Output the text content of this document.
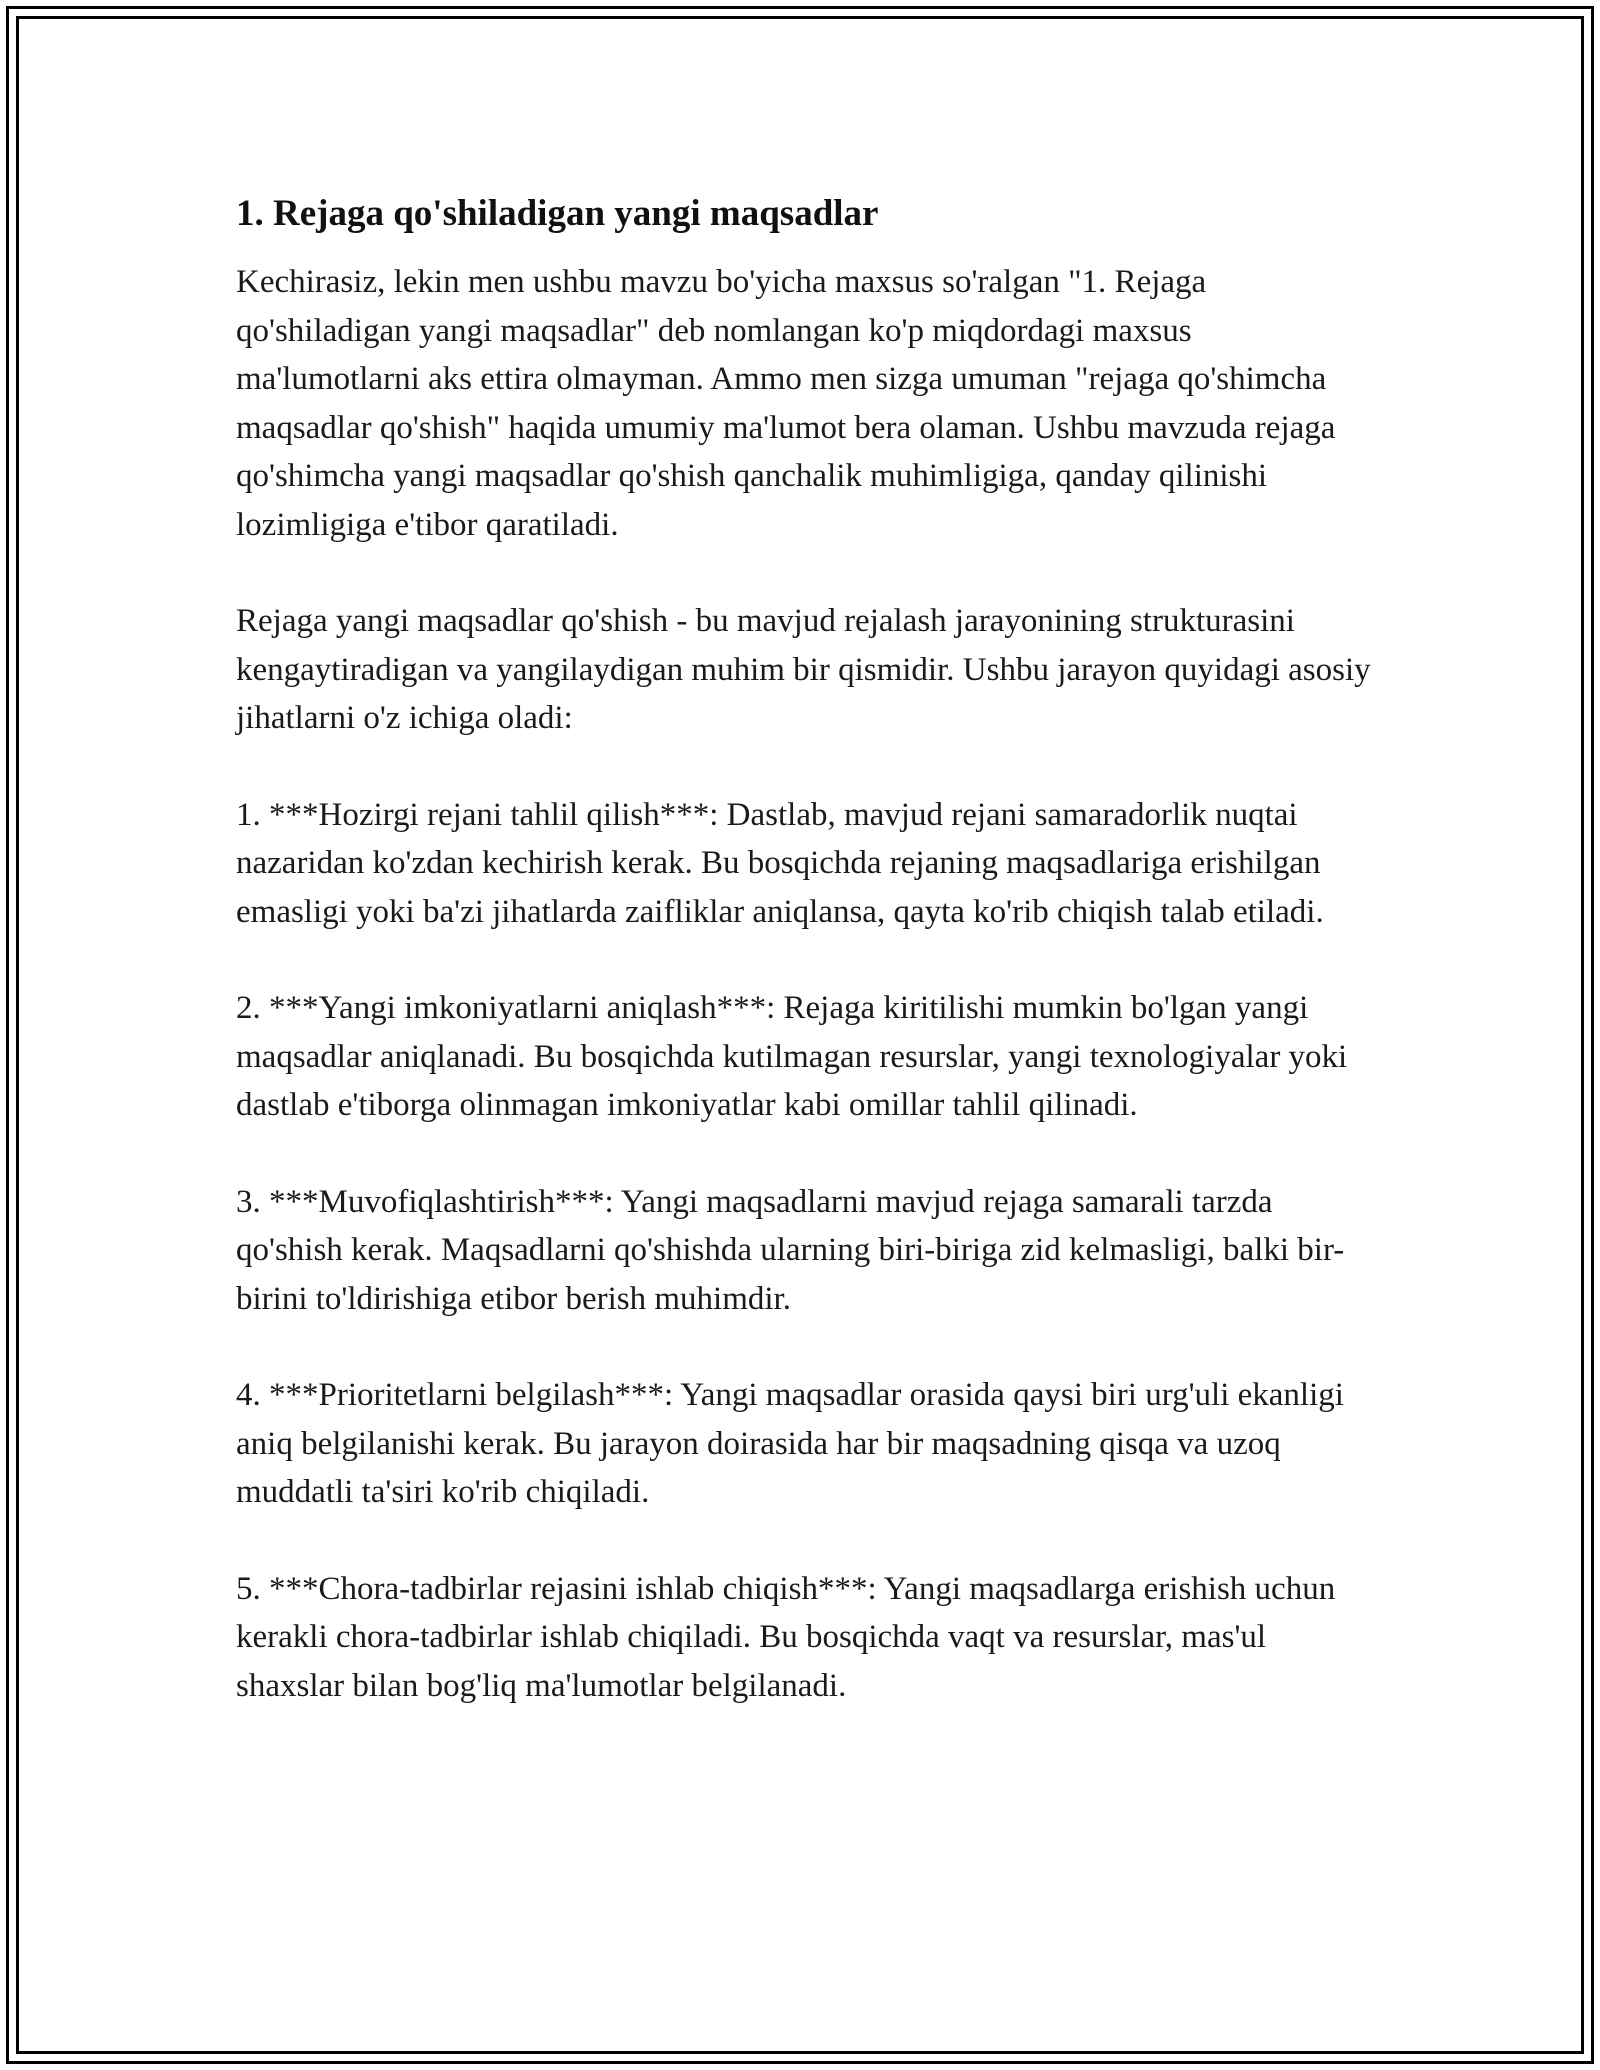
1. Rejaga qo'shiladigan yangi maqsadlar

Kechirasiz, lekin men ushbu mavzu bo'yicha maxsus so'ralgan "1. Rejaga qo'shiladigan yangi maqsadlar" deb nomlangan ko'p miqdordagi maxsus ma'lumotlarni aks ettira olmayman. Ammo men sizga umuman "rejaga qo'shimcha maqsadlar qo'shish" haqida umumiy ma'lumot bera olaman. Ushbu mavzuda rejaga qo'shimcha yangi maqsadlar qo'shish qanchalik muhimligiga, qanday qilinishi lozimligiga e'tibor qaratiladi.

Rejaga yangi maqsadlar qo'shish - bu mavjud rejalash jarayonining strukturasini kengaytiradigan va yangilaydigan muhim bir qismidir. Ushbu jarayon quyidagi asosiy jihatlarni o'z ichiga oladi:

1. ***Hozirgi rejani tahlil qilish***: Dastlab, mavjud rejani samaradorlik nuqtai nazaridan ko'zdan kechirish kerak. Bu bosqichda rejaning maqsadlariga erishilgan emasligi yoki ba'zi jihatlarda zaifliklar aniqlansa, qayta ko'rib chiqish talab etiladi.

2. ***Yangi imkoniyatlarni aniqlash***: Rejaga kiritilishi mumkin bo'lgan yangi maqsadlar aniqlanadi. Bu bosqichda kutilmagan resurslar, yangi texnologiyalar yoki dastlab e'tiborga olinmagan imkoniyatlar kabi omillar tahlil qilinadi.

3. ***Muvofiqlashtirish***: Yangi maqsadlarni mavjud rejaga samarali tarzda qo'shish kerak. Maqsadlarni qo'shishda ularning biri-biriga zid kelmasligi, balki bir-birini to'ldirishiga etibor berish muhimdir.

4. ***Prioritetlarni belgilash***: Yangi maqsadlar orasida qaysi biri urg'uli ekanligi aniq belgilanishi kerak. Bu jarayon doirasida har bir maqsadning qisqa va uzoq muddatli ta'siri ko'rib chiqiladi.

5. ***Chora-tadbirlar rejasini ishlab chiqish***: Yangi maqsadlarga erishish uchun kerakli chora-tadbirlar ishlab chiqiladi. Bu bosqichda vaqt va resurslar, mas'ul shaxslar bilan bog'liq ma'lumotlar belgilanadi.
